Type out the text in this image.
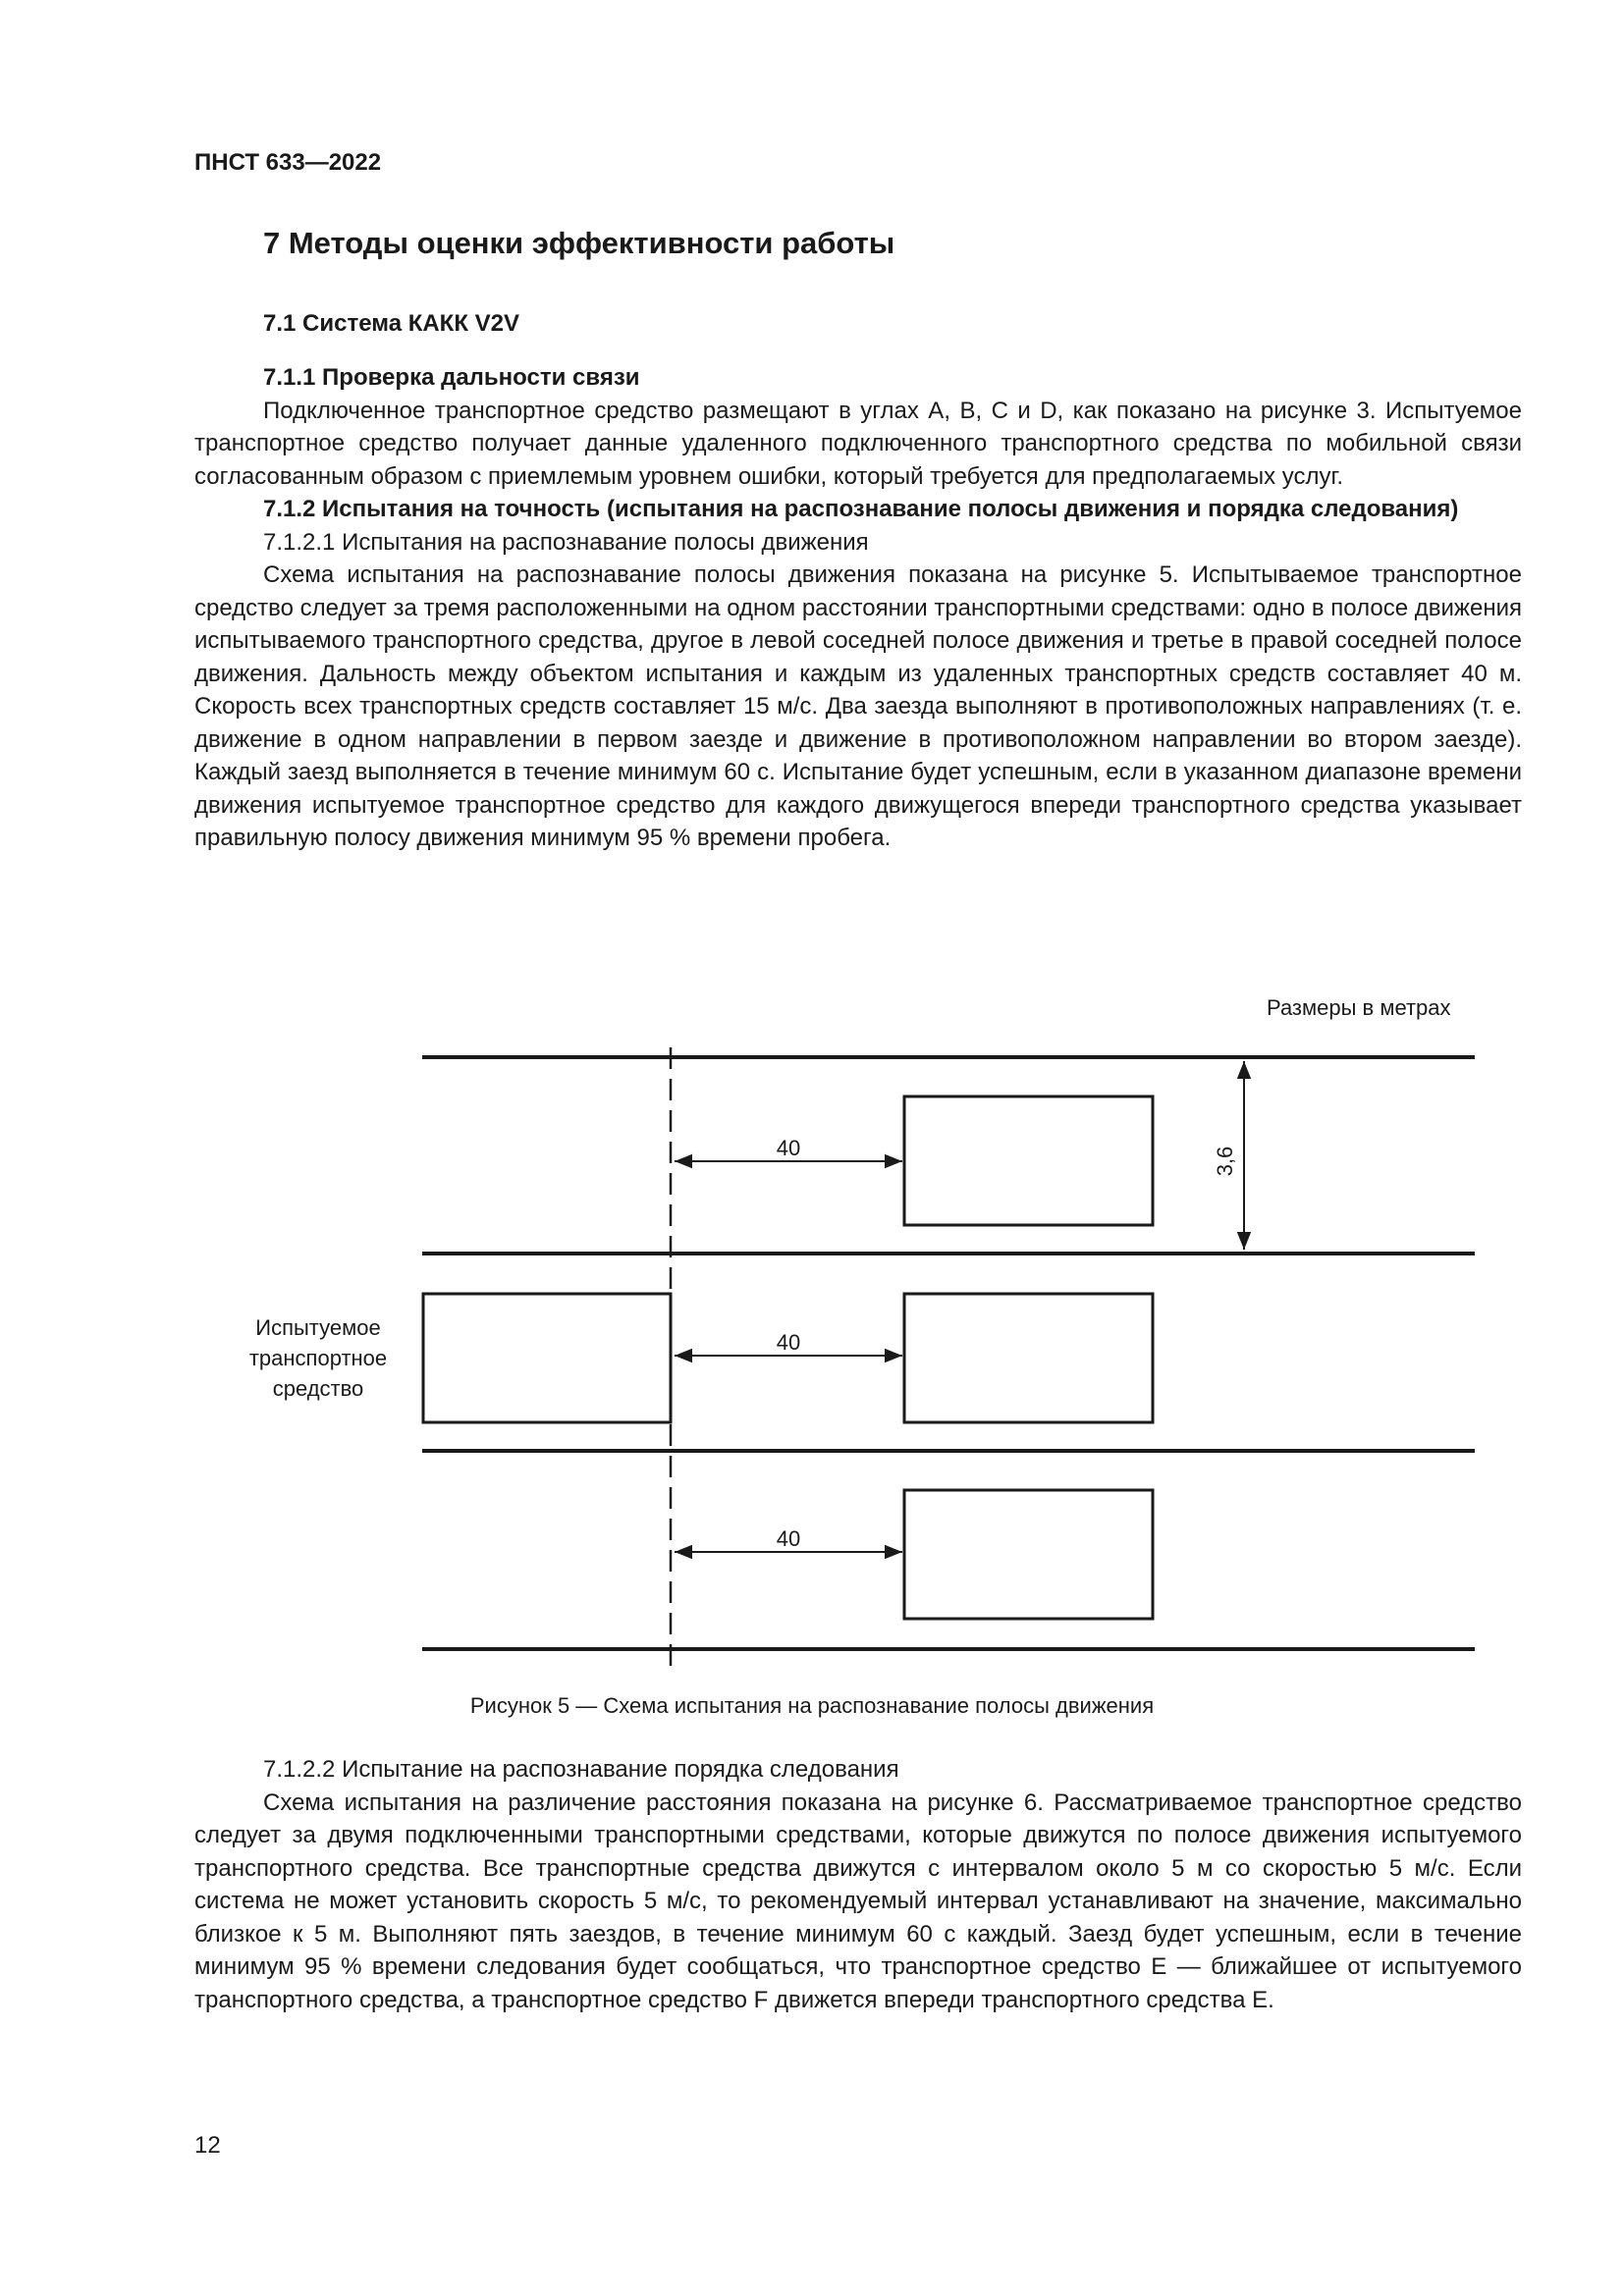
ПНСТ 633—2022
7 Методы оценки эффективности работы
7.1 Система КАКК V2V

7.1.1 Проверка дальности связи

Подключенное транспортное средство размещают в углах A, B, C и D, как показано на рисунке 3. Испытуемое транспортное средство получает данные удаленного подключенного транспортного средства по мобильной связи согласованным образом с приемлемым уровнем ошибки, который требуется для предполагаемых услуг.

7.1.2 Испытания на точность (испытания на распознавание полосы движения и порядка следования)

7.1.2.1 Испытания на распознавание полосы движения

Схема испытания на распознавание полосы движения показана на рисунке 5. Испытываемое транспортное средство следует за тремя расположенными на одном расстоянии транспортными средствами: одно в полосе движения испытываемого транспортного средства, другое в левой соседней полосе движения и третье в правой соседней полосе движения. Дальность между объектом испытания и каждым из удаленных транспортных средств составляет 40 м. Скорость всех транспортных средств составляет 15 м/с. Два заезда выполняют в противоположных направлениях (т. е. движение в одном направлении в первом заезде и движение в противоположном направлении во втором заезде). Каждый заезд выполняется в течение минимум 60 с. Испытание будет успешным, если в указанном диапазоне времени движения испытуемое транспортное средство для каждого движущегося впереди транспортного средства указывает правильную полосу движения минимум 95 % времени пробега.

Размеры в метрах
40
40
40
3,6
Испытуемое
транспортное
средство
Рисунок 5 — Схема испытания на распознавание полосы движения

7.1.2.2 Испытание на распознавание порядка следования

Схема испытания на различение расстояния показана на рисунке 6. Рассматриваемое транспортное средство следует за двумя подключенными транспортными средствами, которые движутся по полосе движения испытуемого транспортного средства. Все транспортные средства движутся с интервалом около 5 м со скоростью 5 м/с. Если система не может установить скорость 5 м/с, то рекомендуемый интервал устанавливают на значение, максимально близкое к 5 м. Выполняют пять заездов, в течение минимум 60 с каждый. Заезд будет успешным, если в течение минимум 95 % времени следования будет сообщаться, что транспортное средство E — ближайшее от испытуемого транспортного средства, а транспортное средство F движется впереди транспортного средства E.

12
